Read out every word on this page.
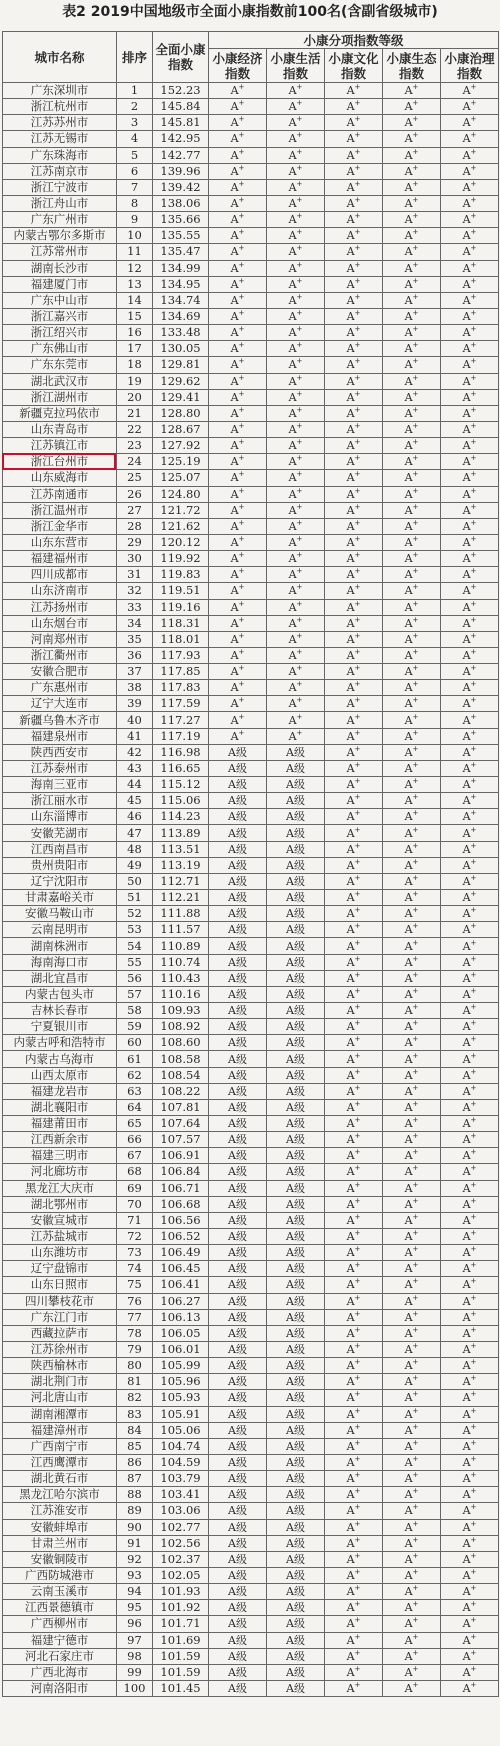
表2 2019中国地级市全面小康指数前100名(含副省级城市)
城市名称	排序	全面小康指数	小康分项指数等级				
			小康经济指数	小康生活指数	小康文化指数	小康生态指数	小康治理指数
广东深圳市	1	152.23	A+	A+	A+	A+	A+
浙江杭州市	2	145.84	A+	A+	A+	A+	A+
江苏苏州市	3	145.81	A+	A+	A+	A+	A+
江苏无锡市	4	142.95	A+	A+	A+	A+	A+
广东珠海市	5	142.77	A+	A+	A+	A+	A+
江苏南京市	6	139.96	A+	A+	A+	A+	A+
浙江宁波市	7	139.42	A+	A+	A+	A+	A+
浙江舟山市	8	138.06	A+	A+	A+	A+	A+
广东广州市	9	135.66	A+	A+	A+	A+	A+
内蒙古鄂尔多斯市	10	135.55	A+	A+	A+	A+	A+
江苏常州市	11	135.47	A+	A+	A+	A+	A+
湖南长沙市	12	134.99	A+	A+	A+	A+	A+
福建厦门市	13	134.95	A+	A+	A+	A+	A+
广东中山市	14	134.74	A+	A+	A+	A+	A+
浙江嘉兴市	15	134.69	A+	A+	A+	A+	A+
浙江绍兴市	16	133.48	A+	A+	A+	A+	A+
广东佛山市	17	130.05	A+	A+	A+	A+	A+
广东东莞市	18	129.81	A+	A+	A+	A+	A+
湖北武汉市	19	129.62	A+	A+	A+	A+	A+
浙江湖州市	20	129.41	A+	A+	A+	A+	A+
新疆克拉玛依市	21	128.80	A+	A+	A+	A+	A+
山东青岛市	22	128.67	A+	A+	A+	A+	A+
江苏镇江市	23	127.92	A+	A+	A+	A+	A+
浙江台州市	24	125.19	A+	A+	A+	A+	A+
山东威海市	25	125.07	A+	A+	A+	A+	A+
江苏南通市	26	124.80	A+	A+	A+	A+	A+
浙江温州市	27	121.72	A+	A+	A+	A+	A+
浙江金华市	28	121.62	A+	A+	A+	A+	A+
山东东营市	29	120.12	A+	A+	A+	A+	A+
福建福州市	30	119.92	A+	A+	A+	A+	A+
四川成都市	31	119.83	A+	A+	A+	A+	A+
山东济南市	32	119.51	A+	A+	A+	A+	A+
江苏扬州市	33	119.16	A+	A+	A+	A+	A+
山东烟台市	34	118.31	A+	A+	A+	A+	A+
河南郑州市	35	118.01	A+	A+	A+	A+	A+
浙江衢州市	36	117.93	A+	A+	A+	A+	A+
安徽合肥市	37	117.85	A+	A+	A+	A+	A+
广东惠州市	38	117.83	A+	A+	A+	A+	A+
辽宁大连市	39	117.59	A+	A+	A+	A+	A+
新疆乌鲁木齐市	40	117.27	A+	A+	A+	A+	A+
福建泉州市	41	117.19	A+	A+	A+	A+	A+
陕西西安市	42	116.98	A级	A级	A+	A+	A+
江苏泰州市	43	116.65	A级	A级	A+	A+	A+
海南三亚市	44	115.12	A级	A级	A+	A+	A+
浙江丽水市	45	115.06	A级	A级	A+	A+	A+
山东淄博市	46	114.23	A级	A级	A+	A+	A+
安徽芜湖市	47	113.89	A级	A级	A+	A+	A+
江西南昌市	48	113.51	A级	A级	A+	A+	A+
贵州贵阳市	49	113.19	A级	A级	A+	A+	A+
辽宁沈阳市	50	112.71	A级	A级	A+	A+	A+
甘肃嘉峪关市	51	112.21	A级	A级	A+	A+	A+
安徽马鞍山市	52	111.88	A级	A级	A+	A+	A+
云南昆明市	53	111.57	A级	A级	A+	A+	A+
湖南株洲市	54	110.89	A级	A级	A+	A+	A+
海南海口市	55	110.74	A级	A级	A+	A+	A+
湖北宜昌市	56	110.43	A级	A级	A+	A+	A+
内蒙古包头市	57	110.16	A级	A级	A+	A+	A+
吉林长春市	58	109.93	A级	A级	A+	A+	A+
宁夏银川市	59	108.92	A级	A级	A+	A+	A+
内蒙古呼和浩特市	60	108.60	A级	A级	A+	A+	A+
内蒙古乌海市	61	108.58	A级	A级	A+	A+	A+
山西太原市	62	108.54	A级	A级	A+	A+	A+
福建龙岩市	63	108.22	A级	A级	A+	A+	A+
湖北襄阳市	64	107.81	A级	A级	A+	A+	A+
福建莆田市	65	107.64	A级	A级	A+	A+	A+
江西新余市	66	107.57	A级	A级	A+	A+	A+
福建三明市	67	106.91	A级	A级	A+	A+	A+
河北廊坊市	68	106.84	A级	A级	A+	A+	A+
黑龙江大庆市	69	106.71	A级	A级	A+	A+	A+
湖北鄂州市	70	106.68	A级	A级	A+	A+	A+
安徽宣城市	71	106.56	A级	A级	A+	A+	A+
江苏盐城市	72	106.52	A级	A级	A+	A+	A+
山东潍坊市	73	106.49	A级	A级	A+	A+	A+
辽宁盘锦市	74	106.45	A级	A级	A+	A+	A+
山东日照市	75	106.41	A级	A级	A+	A+	A+
四川攀枝花市	76	106.27	A级	A级	A+	A+	A+
广东江门市	77	106.13	A级	A级	A+	A+	A+
西藏拉萨市	78	106.05	A级	A级	A+	A+	A+
江苏徐州市	79	106.01	A级	A级	A+	A+	A+
陕西榆林市	80	105.99	A级	A级	A+	A+	A+
湖北荆门市	81	105.96	A级	A级	A+	A+	A+
河北唐山市	82	105.93	A级	A级	A+	A+	A+
湖南湘潭市	83	105.91	A级	A级	A+	A+	A+
福建漳州市	84	105.06	A级	A级	A+	A+	A+
广西南宁市	85	104.74	A级	A级	A+	A+	A+
江西鹰潭市	86	104.59	A级	A级	A+	A+	A+
湖北黄石市	87	103.79	A级	A级	A+	A+	A+
黑龙江哈尔滨市	88	103.41	A级	A级	A+	A+	A+
江苏淮安市	89	103.06	A级	A级	A+	A+	A+
安徽蚌埠市	90	102.77	A级	A级	A+	A+	A+
甘肃兰州市	91	102.56	A级	A级	A+	A+	A+
安徽铜陵市	92	102.37	A级	A级	A+	A+	A+
广西防城港市	93	102.05	A级	A级	A+	A+	A+
云南玉溪市	94	101.93	A级	A级	A+	A+	A+
江西景德镇市	95	101.92	A级	A级	A+	A+	A+
广西柳州市	96	101.71	A级	A级	A+	A+	A+
福建宁德市	97	101.69	A级	A级	A+	A+	A+
河北石家庄市	98	101.59	A级	A级	A+	A+	A+
广西北海市	99	101.59	A级	A级	A+	A+	A+
河南洛阳市	100	101.45	A级	A级	A+	A+	A+
